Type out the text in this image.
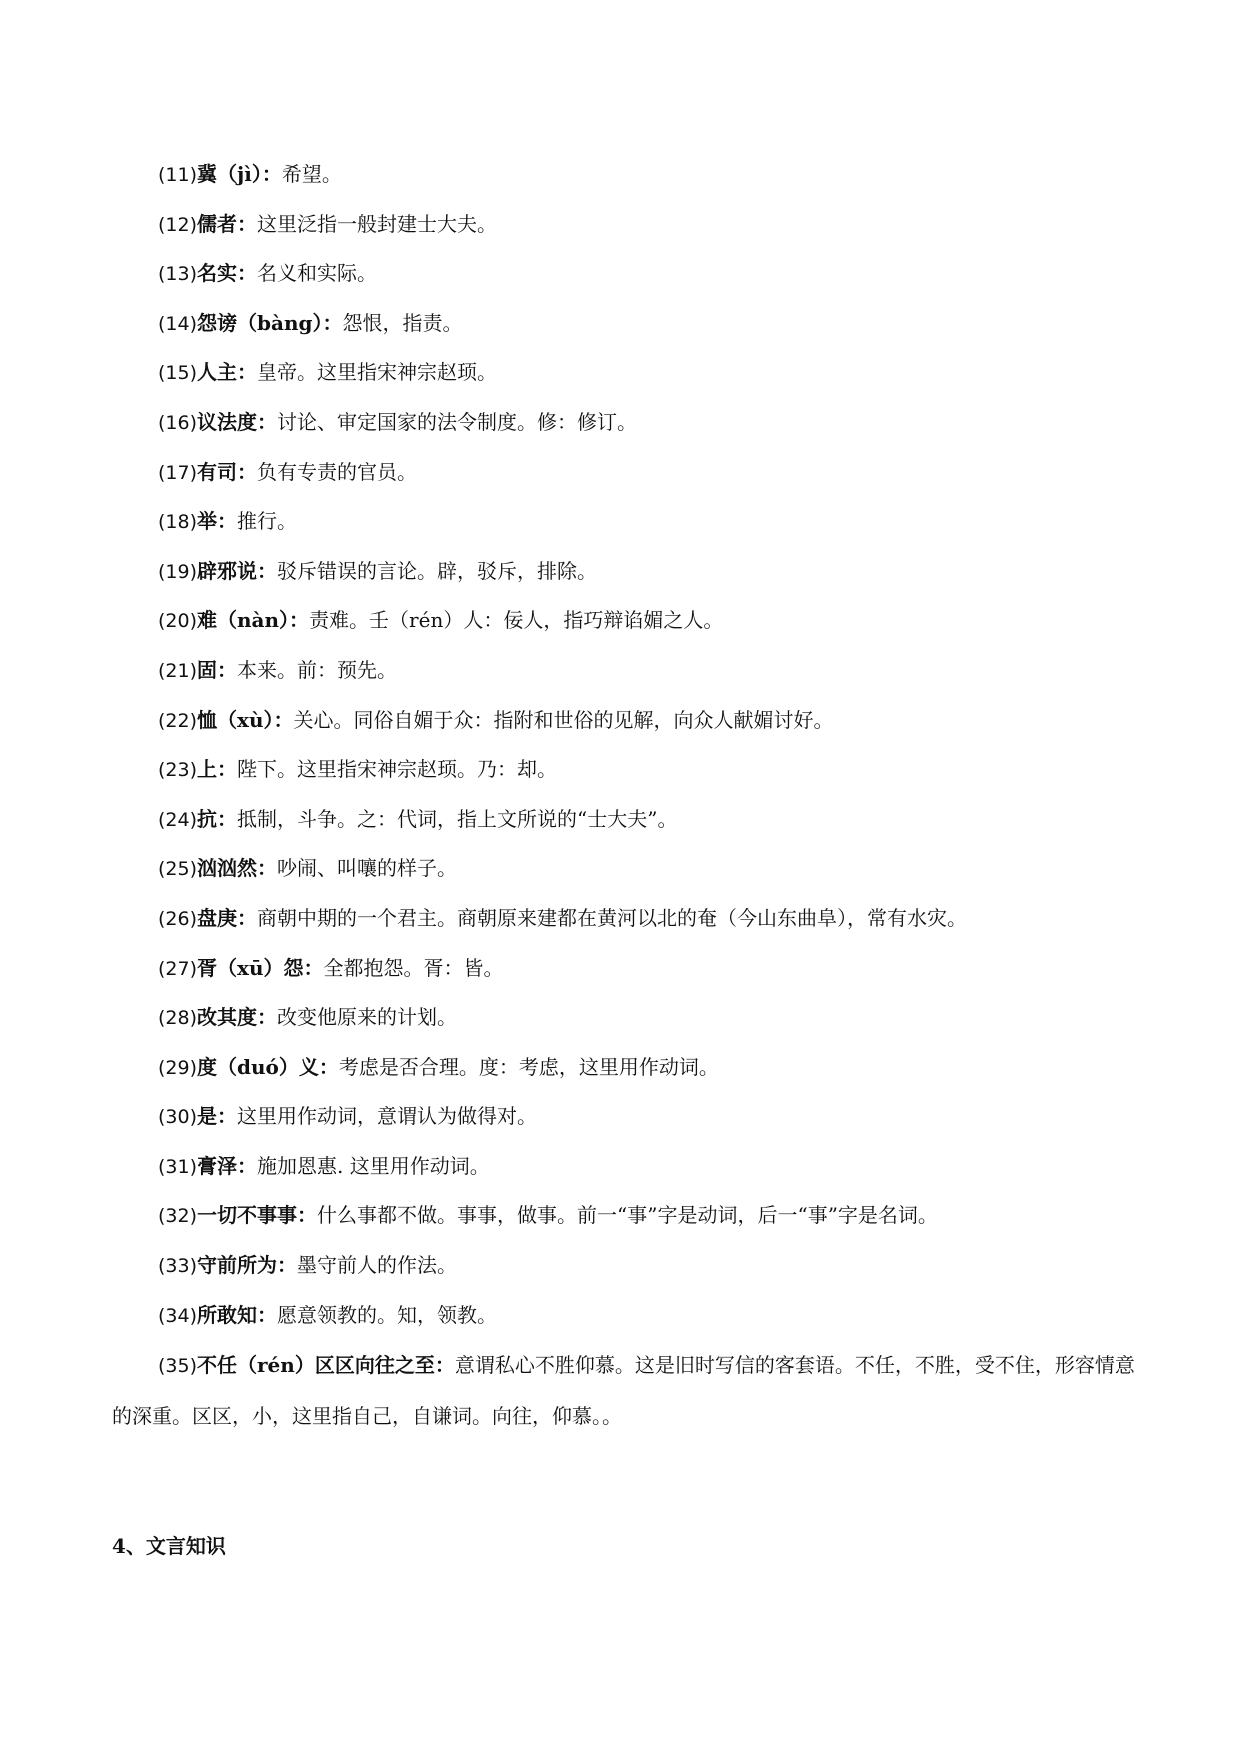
(11)冀（jì）：希望。
(12)儒者：这里泛指一般封建士大夫。
(13)名实：名义和实际。
(14)怨谤（bàng）：怨恨，指责。
(15)人主：皇帝。这里指宋神宗赵顼。
(16)议法度：讨论、审定国家的法令制度。修：修订。
(17)有司：负有专责的官员。
(18)举：推行。
(19)辟邪说：驳斥错误的言论。辟，驳斥，排除。
(20)难（nàn）：责难。壬（rén）人：佞人，指巧辩谄媚之人。
(21)固：本来。前：预先。
(22)恤（xù）：关心。同俗自媚于众：指附和世俗的见解，向众人献媚讨好。
(23)上：陛下。这里指宋神宗赵顼。乃：却。
(24)抗：抵制，斗争。之：代词，指上文所说的“士大夫”。
(25)汹汹然：吵闹、叫嚷的样子。
(26)盘庚：商朝中期的一个君主。商朝原来建都在黄河以北的奄（今山东曲阜），常有水灾。
(27)胥（xū）怨：全都抱怨。胥：皆。
(28)改其度：改变他原来的计划。
(29)度（duó）义：考虑是否合理。度：考虑，这里用作动词。
(30)是：这里用作动词，意谓认为做得对。
(31)膏泽：施加恩惠. 这里用作动词。
(32)一切不事事：什么事都不做。事事，做事。前一“事”字是动词，后一“事”字是名词。
(33)守前所为：墨守前人的作法。
(34)所敢知：愿意领教的。知，领教。
(35)不任（rén）区区向往之至：意谓私心不胜仰慕。这是旧时写信的客套语。不任，不胜，受不住，形容情意的深重。区区，小，这里指自己，自谦词。向往，仰慕。。
4、文言知识
